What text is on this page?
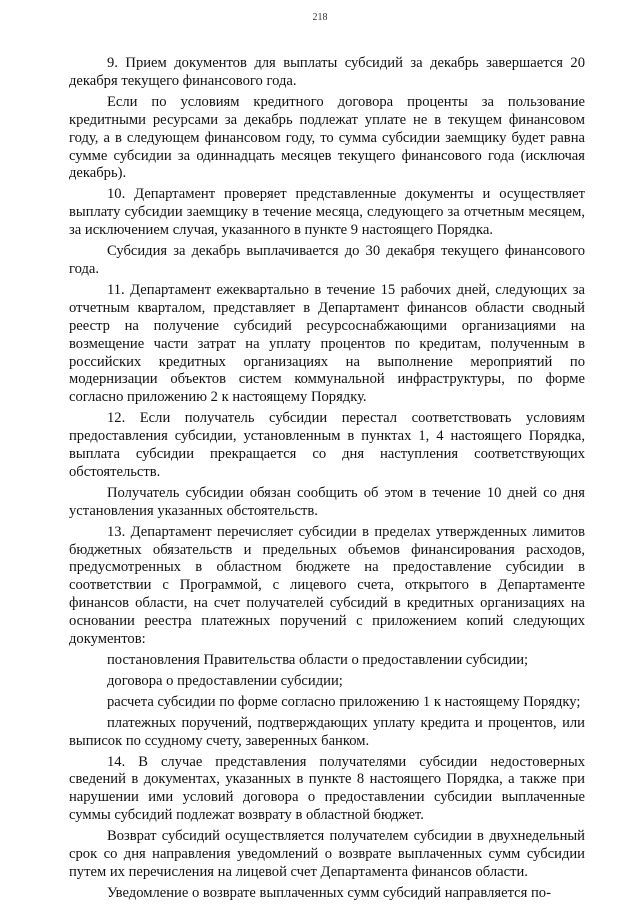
218

9. Прием документов для выплаты субсидий за декабрь завершается 20 декабря текущего финансового года.

Если по условиям кредитного договора проценты за пользование кредитными ресурсами за декабрь подлежат уплате не в текущем финансовом году, а в следующем финансовом году, то сумма субсидии заемщику будет равна сумме субсидии за одиннадцать месяцев текущего финансового года (исключая декабрь).

10. Департамент проверяет представленные документы и осуществляет выплату субсидии заемщику в течение месяца, следующего за отчетным месяцем, за исключением случая, указанного в пункте 9 настоящего Порядка.

Субсидия за декабрь выплачивается до 30 декабря текущего финансового года.

11. Департамент ежеквартально в течение 15 рабочих дней, следующих за отчетным кварталом, представляет в Департамент финансов области сводный реестр на получение субсидий ресурсоснабжающими организациями на возмещение части затрат на уплату процентов по кредитам, полученным в российских кредитных организациях на выполнение мероприятий по модернизации объектов систем коммунальной инфраструктуры, по форме согласно приложению 2 к настоящему Порядку.

12. Если получатель субсидии перестал соответствовать условиям предоставления субсидии, установленным в пунктах 1, 4 настоящего Порядка, выплата субсидии прекращается со дня наступления соответствующих обстоятельств.

Получатель субсидии обязан сообщить об этом в течение 10 дней со дня установления указанных обстоятельств.

13. Департамент перечисляет субсидии в пределах утвержденных лимитов бюджетных обязательств и предельных объемов финансирования расходов, предусмотренных в областном бюджете на предоставление субсидии в соответствии с Программой, с лицевого счета, открытого в Департаменте финансов области, на счет получателей субсидий в кредитных организациях на основании реестра платежных поручений с приложением копий следующих документов:

постановления Правительства области о предоставлении субсидии;

договора о предоставлении субсидии;

расчета субсидии по форме согласно приложению 1 к настоящему Порядку;

платежных поручений, подтверждающих уплату кредита и процентов, или выписок по ссудному счету, заверенных банком.

14. В случае представления получателями субсидии недостоверных сведений в документах, указанных в пункте 8 настоящего Порядка, а также при нарушении ими условий договора о предоставлении субсидии выплаченные суммы субсидий подлежат возврату в областной бюджет.

Возврат субсидий осуществляется получателем субсидии в двухнедельный срок со дня направления уведомлений о возврате выплаченных сумм субсидии путем их перечисления на лицевой счет Департамента финансов области.

Уведомление о возврате выплаченных сумм субсидий направляется по-
